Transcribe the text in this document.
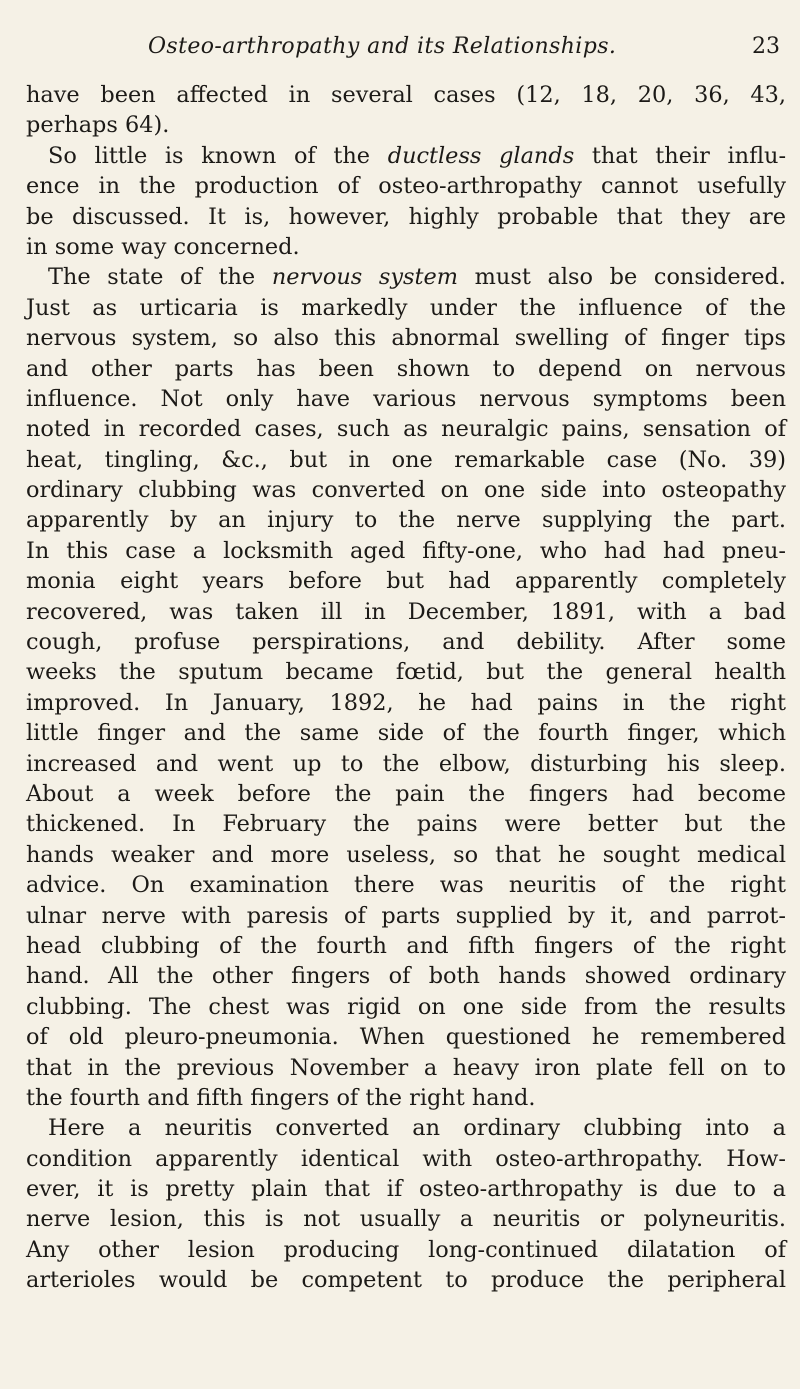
Osteo-arthropathy and its Relationships.	23
have been affected in several cases (12, 18, 20, 36, 43,
perhaps 64).
So little is known of the ductless glands that their influ-
ence in the production of osteo-arthropathy cannot usefully
be discussed. It is, however, highly probable that they are
in some way concerned.
The state of the nervous system must also be considered.
Just as urticaria is markedly under the influence of the
nervous system, so also this abnormal swelling of finger tips
and other parts has been shown to depend on nervous
influence. Not only have various nervous symptoms been
noted in recorded cases, such as neuralgic pains, sensation of
heat, tingling, &c., but in one remarkable case (No. 39)
ordinary clubbing was converted on one side into osteopathy
apparently by an injury to the nerve supplying the part.
In this case a locksmith aged fifty-one, who had had pneu-
monia eight years before but had apparently completely
recovered, was taken ill in December, 1891, with a bad
cough, profuse perspirations, and debility. After some
weeks the sputum became fœtid, but the general health
improved. In January, 1892, he had pains in the right
little finger and the same side of the fourth finger, which
increased and went up to the elbow, disturbing his sleep.
About a week before the pain the fingers had become
thickened. In February the pains were better but the
hands weaker and more useless, so that he sought medical
advice. On examination there was neuritis of the right
ulnar nerve with paresis of parts supplied by it, and parrot-
head clubbing of the fourth and fifth fingers of the right
hand. All the other fingers of both hands showed ordinary
clubbing. The chest was rigid on one side from the results
of old pleuro-pneumonia. When questioned he remembered
that in the previous November a heavy iron plate fell on to
the fourth and fifth fingers of the right hand.
Here a neuritis converted an ordinary clubbing into a
condition apparently identical with osteo-arthropathy. How-
ever, it is pretty plain that if osteo-arthropathy is due to a
nerve lesion, this is not usually a neuritis or polyneuritis.
Any other lesion producing long-continued dilatation of
arterioles would be competent to produce the peripheral
